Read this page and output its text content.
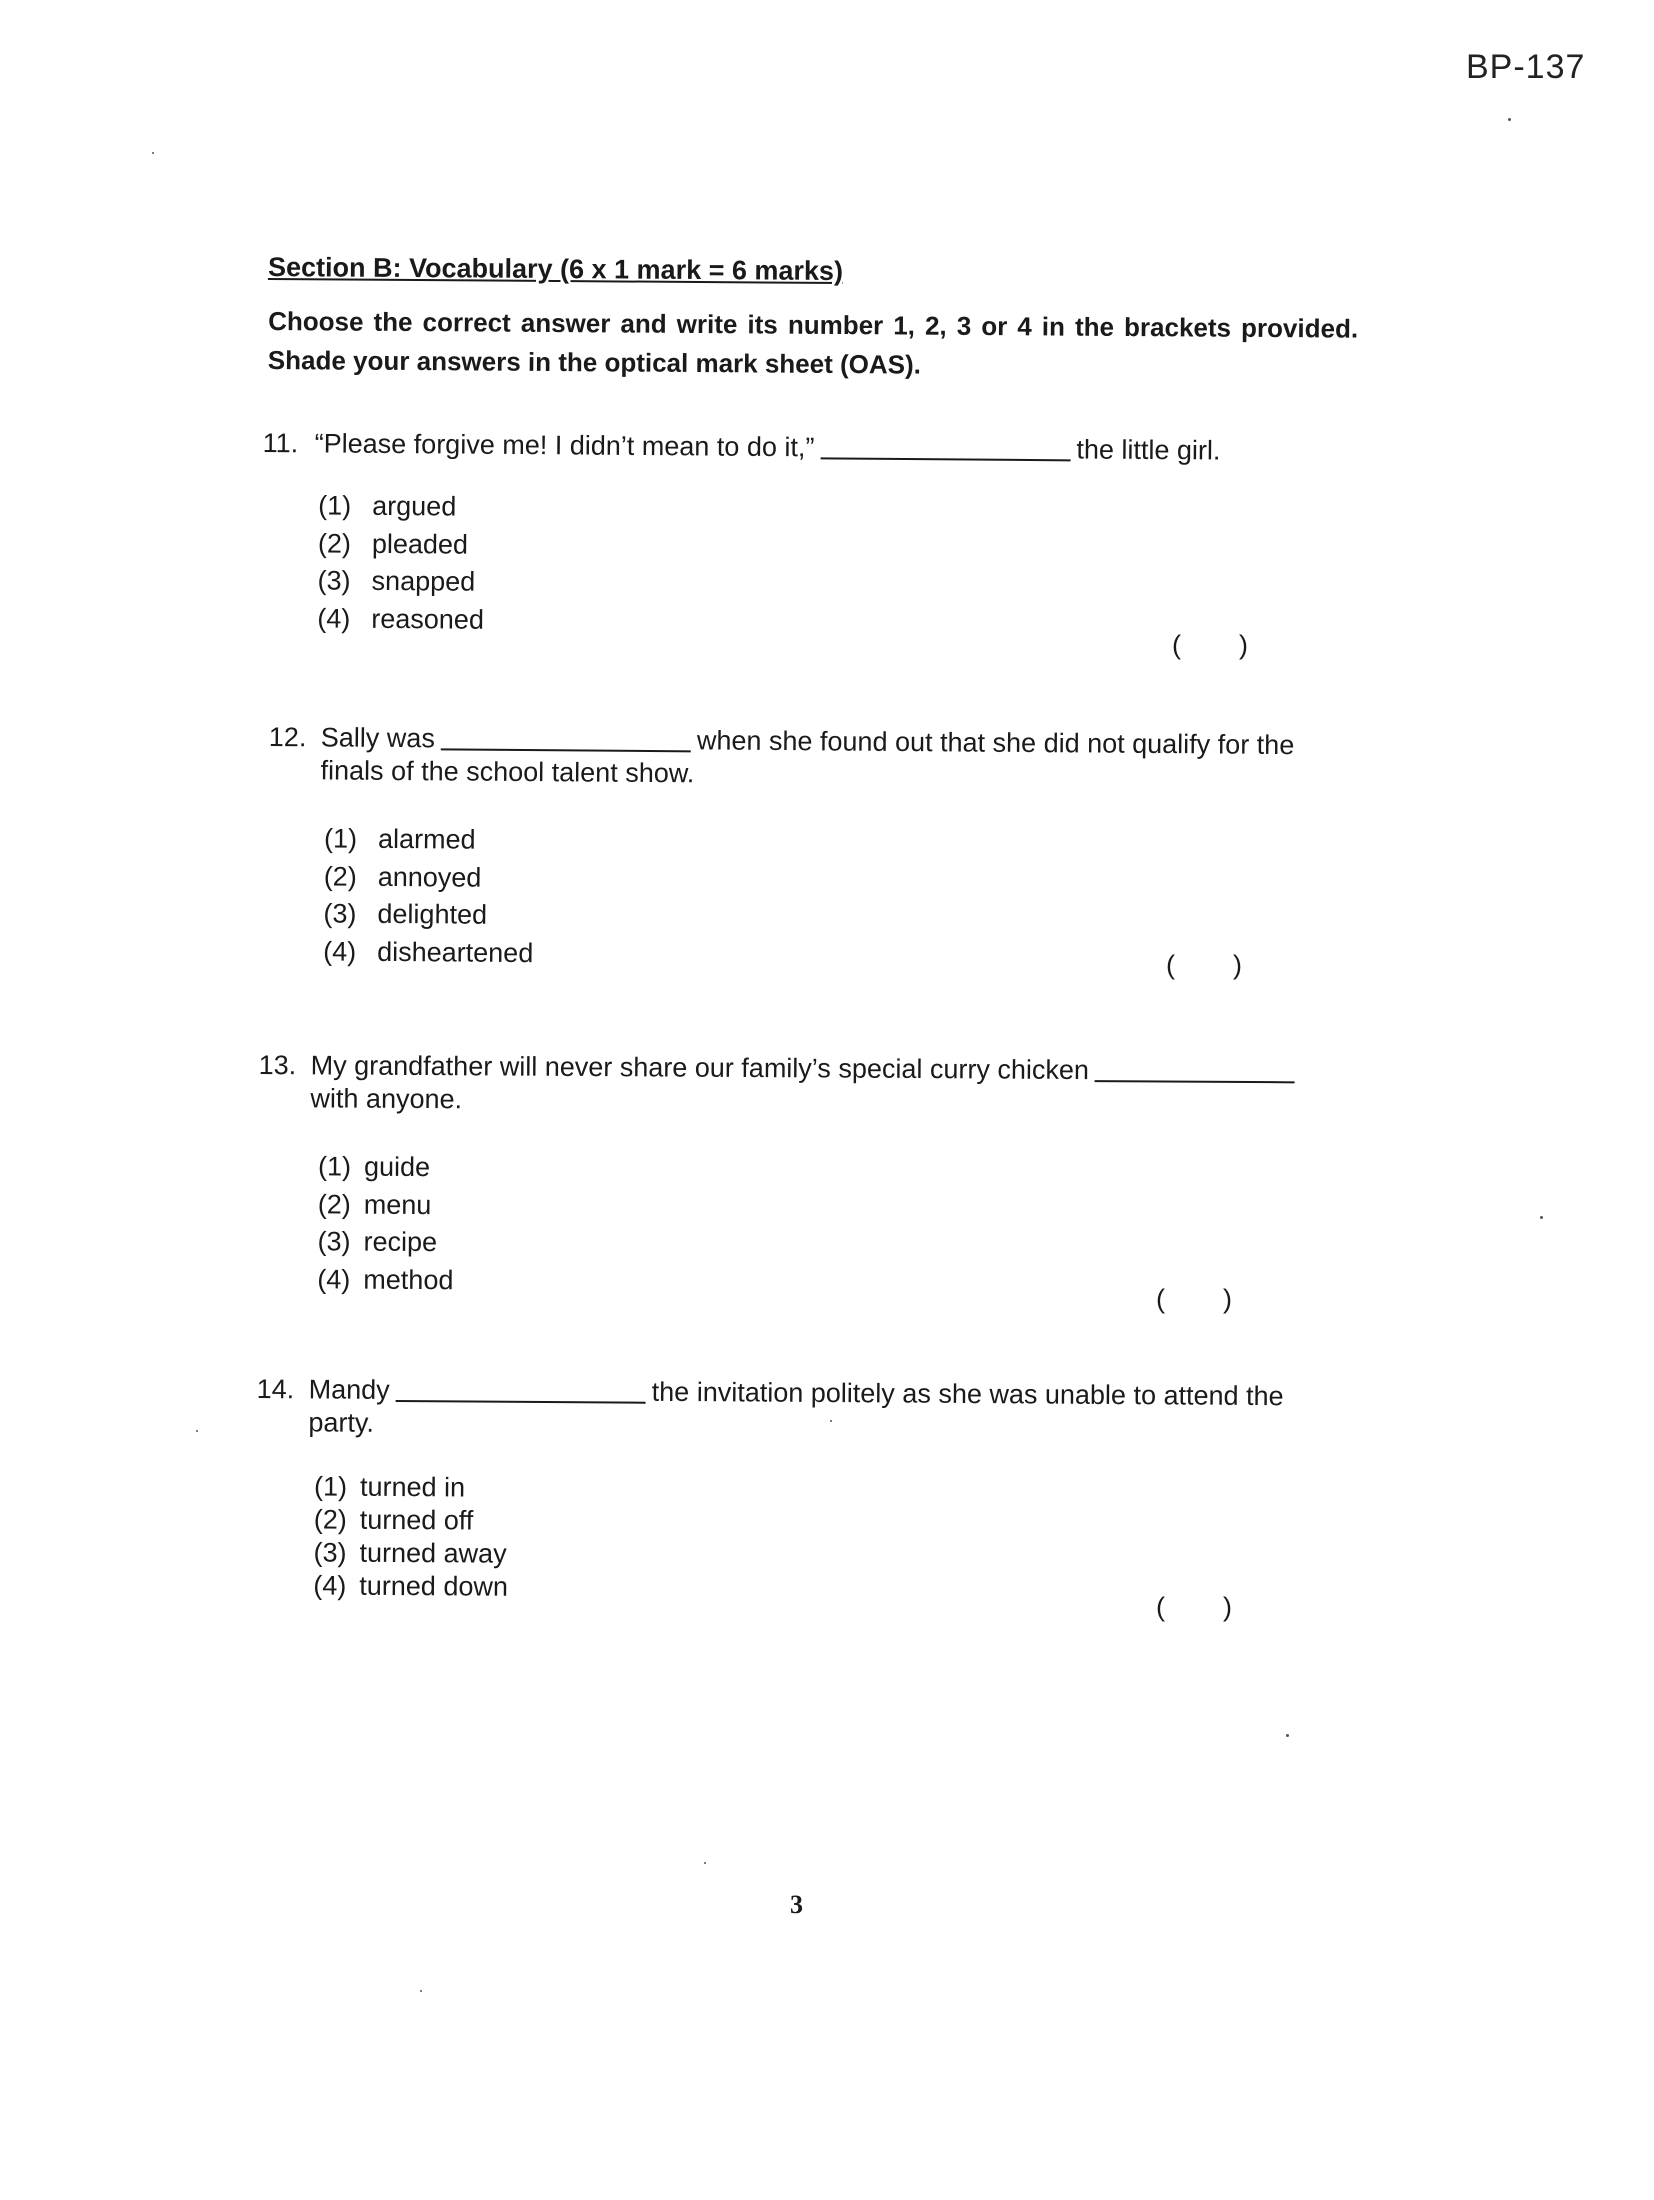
BP-137
Section B: Vocabulary (6 x 1 mark = 6 marks)
Choose the correct answer and write its number 1, 2, 3 or 4 in the brackets provided. Shade your answers in the optical mark sheet (OAS).
11. “Please forgive me! I didn’t mean to do it,”	the little girl.
(1) argued
(2) pleaded
(3) snapped
(4) reasoned
( )
12. Sally was	when she found out that she did not qualify for the
finals of the school talent show.
(1) alarmed
(2) annoyed
(3) delighted
(4) disheartened	( )
13. My grandfather will never share our family’s special curry chicken
with anyone.
(1) guide
(2) menu
(3) recipe
(4) method
( )
14. Mandy	the invitation politely as she was unable to attend the
party.
(1) turned in
(2) turned off
(3) turned away
(4) turned down
( )
3
